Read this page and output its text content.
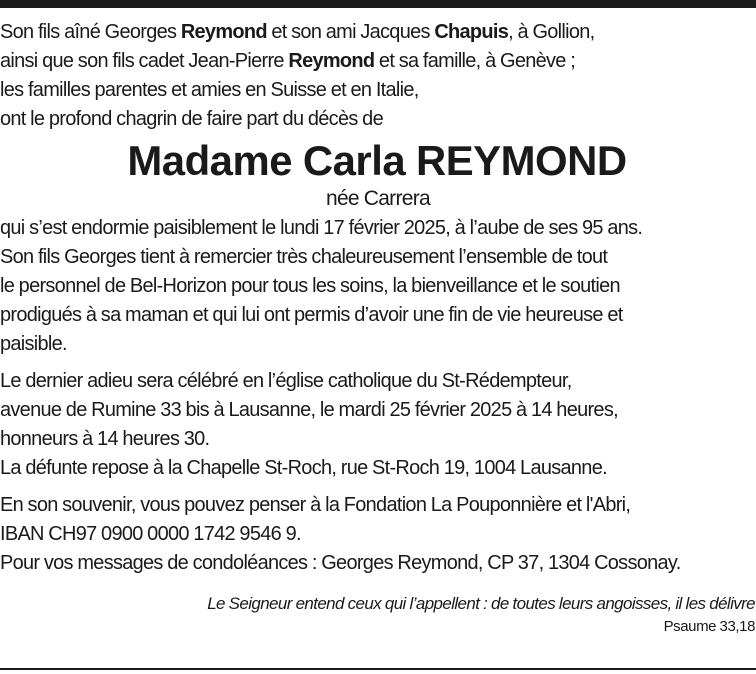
Son fils aîné Georges Reymond et son ami Jacques Chapuis, à Gollion,
ainsi que son fils cadet Jean-Pierre Reymond et sa famille, à Genève ;
les familles parentes et amies en Suisse et en Italie,
ont le profond chagrin de faire part du décès de
Madame Carla REYMOND
née Carrera
qui s’est endormie paisiblement le lundi 17 février 2025, à l’aube de ses 95 ans.
Son fils Georges tient à remercier très chaleureusement l’ensemble de tout
le personnel de Bel-Horizon pour tous les soins, la bienveillance et le soutien
prodigués à sa maman et qui lui ont permis d’avoir une fin de vie heureuse et
paisible.
Le dernier adieu sera célébré en l’église catholique du St-Rédempteur,
avenue de Rumine 33 bis à Lausanne, le mardi 25 février 2025 à 14 heures,
honneurs à 14 heures 30.
La défunte repose à la Chapelle St-Roch, rue St-Roch 19, 1004 Lausanne.
En son souvenir, vous pouvez penser à la Fondation La Pouponnière et l'Abri,
IBAN CH97 0900 0000 1742 9546 9.
Pour vos messages de condoléances : Georges Reymond, CP 37, 1304 Cossonay.
Le Seigneur entend ceux qui l’appellent : de toutes leurs angoisses, il les délivre
Psaume 33,18
